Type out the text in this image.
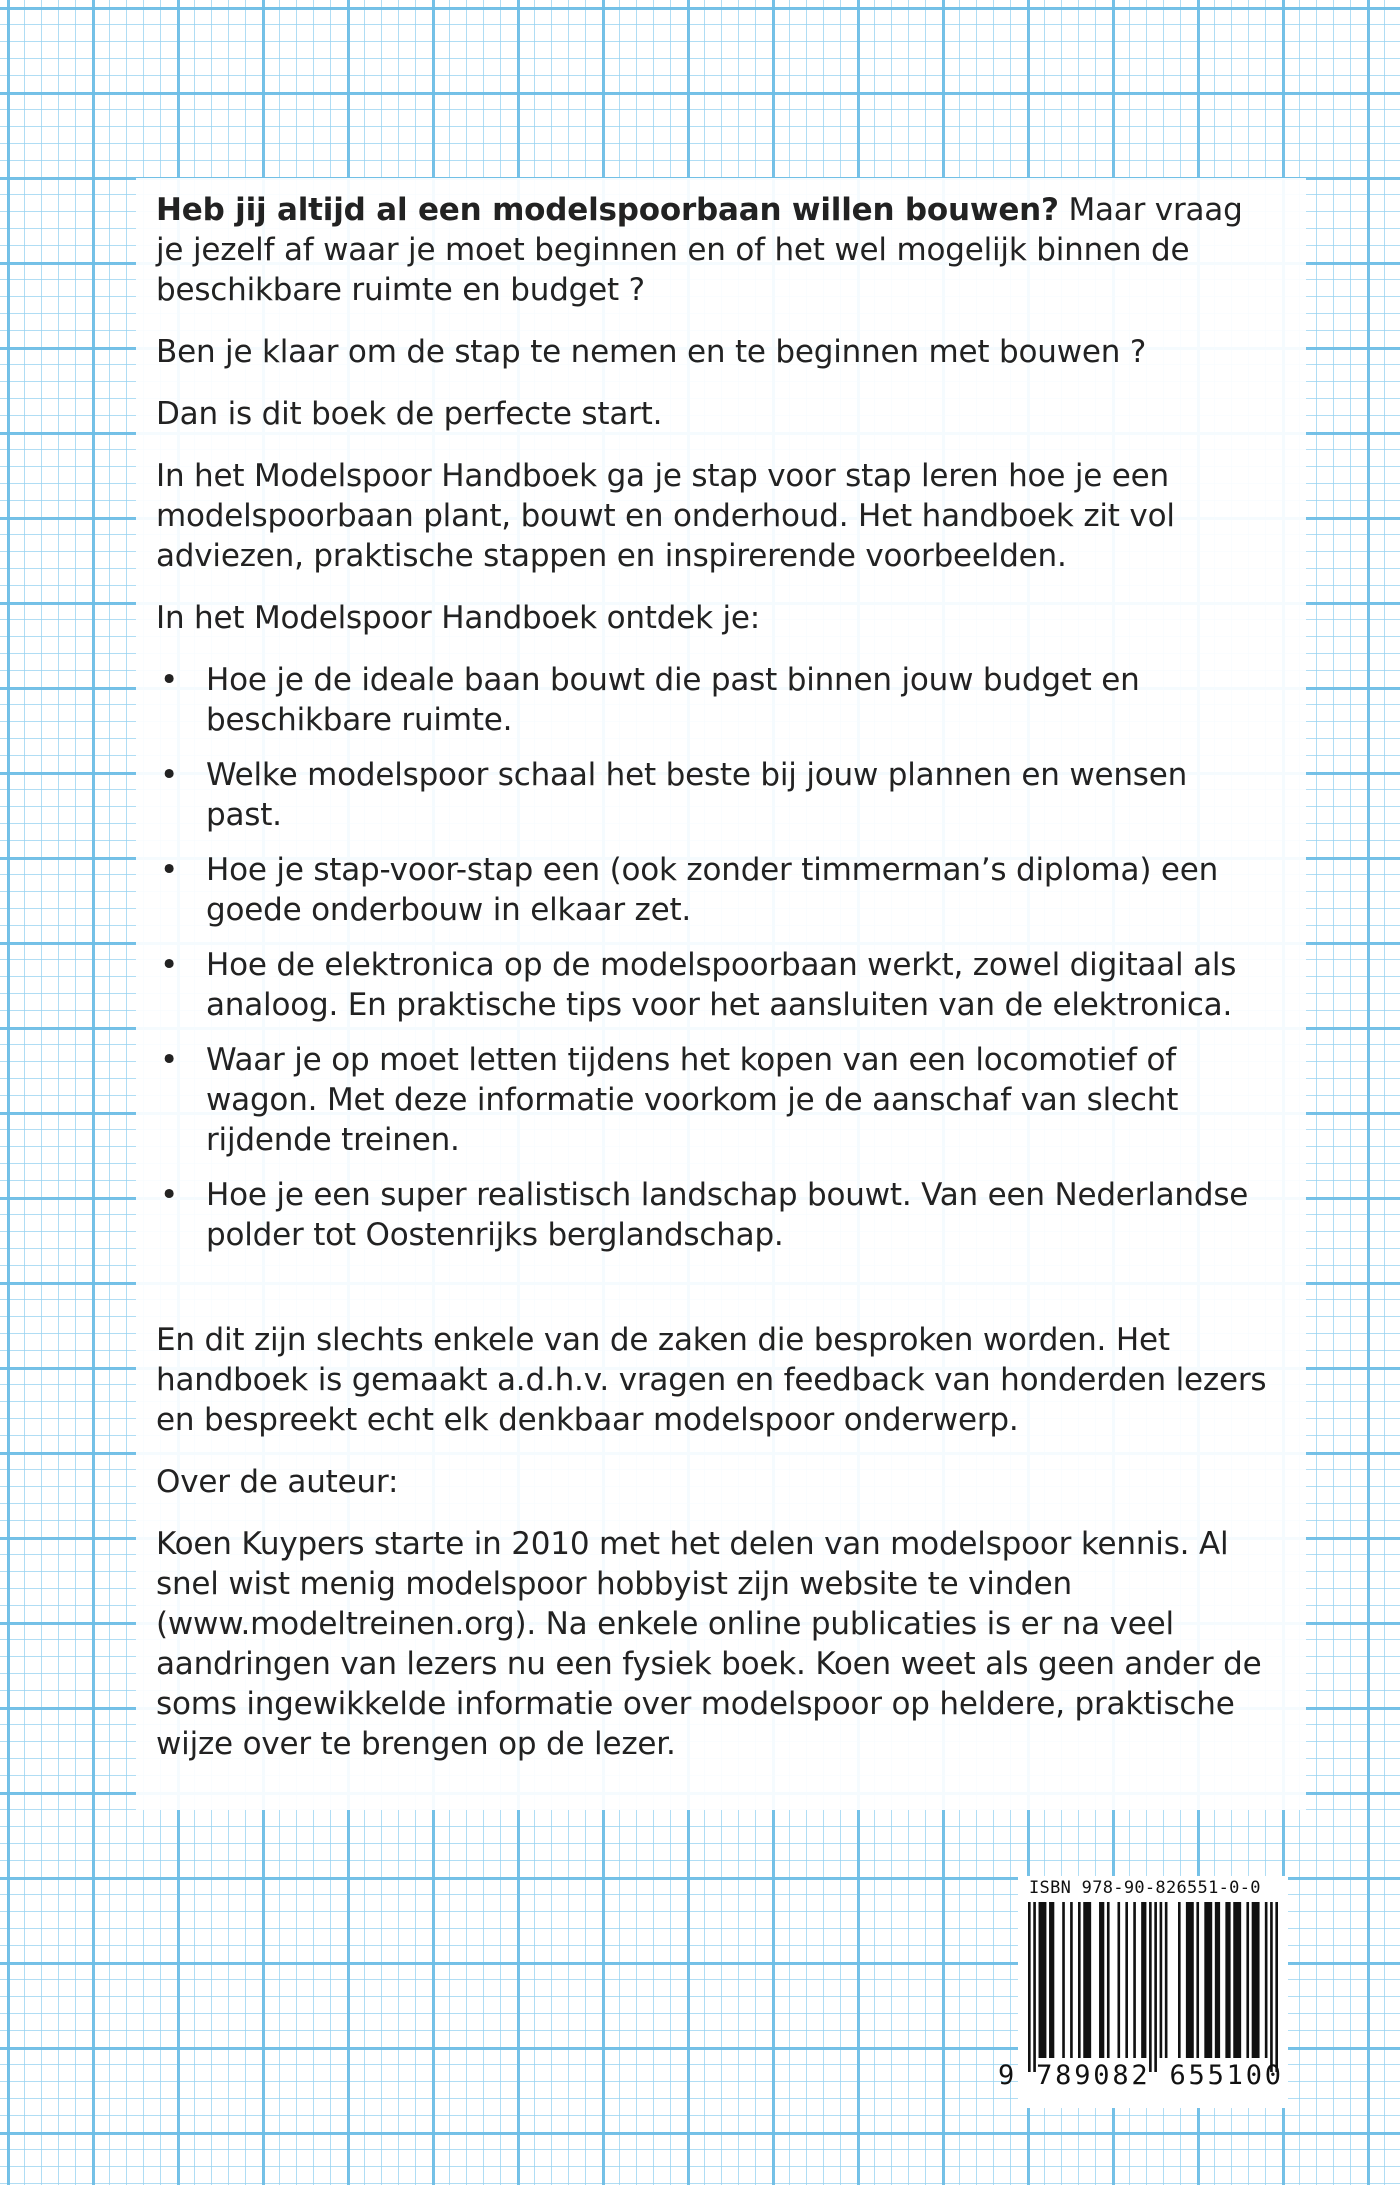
Heb jij altijd al een modelspoorbaan willen bouwen? Maar vraag je jezelf af waar je moet beginnen en of het wel mogelijk binnen de beschikbare ruimte en budget ?

Ben je klaar om de stap te nemen en te beginnen met bouwen ?

Dan is dit boek de perfecte start.

In het Modelspoor Handboek ga je stap voor stap leren hoe je een modelspoorbaan plant, bouwt en onderhoud. Het handboek zit vol adviezen, praktische stappen en inspirerende voorbeelden.

In het Modelspoor Handboek ontdek je:

• Hoe je de ideale baan bouwt die past binnen jouw budget en beschikbare ruimte.
• Welke modelspoor schaal het beste bij jouw plannen en wensen past.
• Hoe je stap-voor-stap een (ook zonder timmerman’s diploma) een goede onderbouw in elkaar zet.
• Hoe de elektronica op de modelspoorbaan werkt, zowel digitaal als analoog. En praktische tips voor het aansluiten van de elektronica.
• Waar je op moet letten tijdens het kopen van een locomotief of wagon. Met deze informatie voorkom je de aanschaf van slecht rijdende treinen.
• Hoe je een super realistisch landschap bouwt. Van een Nederlandse polder tot Oostenrijks berglandschap.

En dit zijn slechts enkele van de zaken die besproken worden. Het handboek is gemaakt a.d.h.v. vragen en feedback van honderden lezers en bespreekt echt elk denkbaar modelspoor onderwerp.

Over de auteur:

Koen Kuypers starte in 2010 met het delen van modelspoor kennis. Al snel wist menig modelspoor hobbyist zijn website te vinden (www.modeltreinen.org). Na enkele online publicaties is er na veel aandringen van lezers nu een fysiek boek. Koen weet als geen ander de soms ingewikkelde informatie over modelspoor op heldere, praktische wijze over te brengen op de lezer.

ISBN 978-90-826551-0-0
9 789082 655100
